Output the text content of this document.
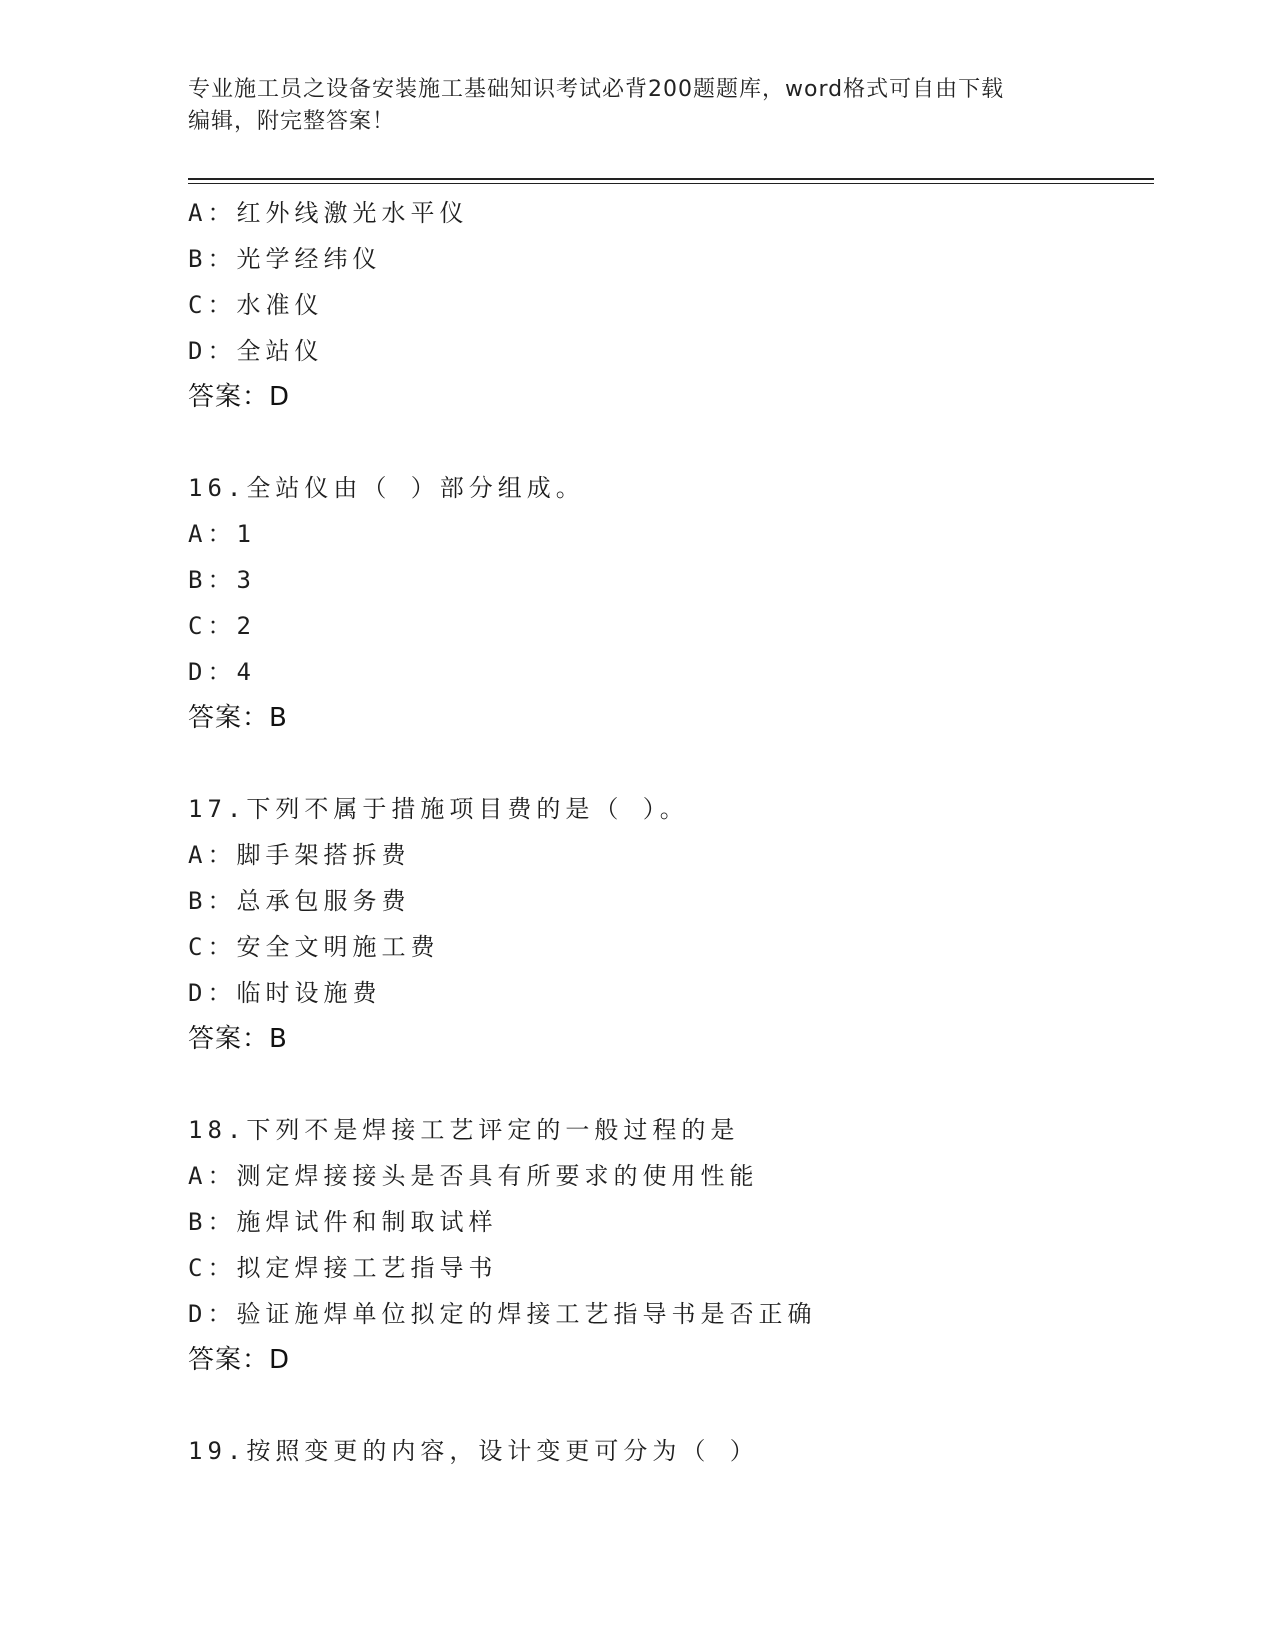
专业施工员之设备安装施工基础知识考试必背200题题库，word格式可自由下载
编辑，附完整答案！
A：红外线激光水平仪
B：光学经纬仪
C：水准仪
D：全站仪
答案：D
16.全站仪由（ ）部分组成。
A：1
B：3
C：2
D：4
答案：B
17.下列不属于措施项目费的是（ ）。
A：脚手架搭拆费
B：总承包服务费
C：安全文明施工费
D：临时设施费
答案：B
18.下列不是焊接工艺评定的一般过程的是
A：测定焊接接头是否具有所要求的使用性能
B：施焊试件和制取试样
C：拟定焊接工艺指导书
D：验证施焊单位拟定的焊接工艺指导书是否正确
答案：D
19.按照变更的内容，设计变更可分为（ ）
